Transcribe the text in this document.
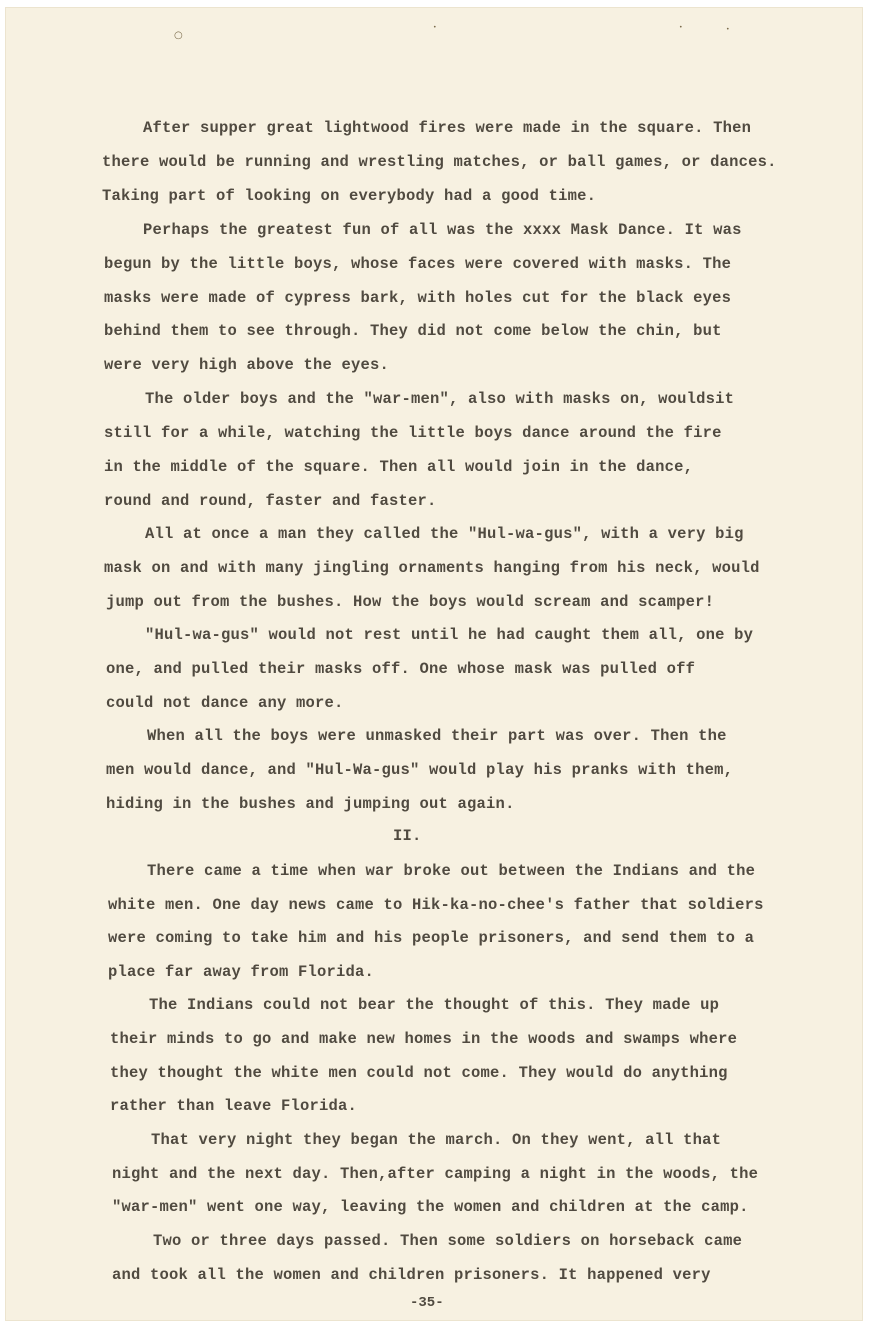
○
•	•	•
After supper great lightwood fires were made in the square. Then
there would be running and wrestling matches, or ball games, or dances.
Taking part of looking on everybody had a good time.
Perhaps the greatest fun of all was the xxxx Mask Dance. It was
begun by the little boys, whose faces were covered with masks. The
masks were made of cypress bark, with holes cut for the black eyes
behind them to see through. They did not come below the chin, but
were very high above the eyes.
The older boys and the "war-men", also with masks on, wouldsit
still for a while, watching the little boys dance around the fire
in the middle of the square. Then all would join in the dance,
round and round, faster and faster.
All at once a man they called the "Hul-wa-gus", with a very big
mask on and with many jingling ornaments hanging from his neck, would
jump out from the bushes. How the boys would scream and scamper!
"Hul-wa-gus" would not rest until he had caught them all, one by
one, and pulled their masks off. One whose mask was pulled off
could not dance any more.
When all the boys were unmasked their part was over. Then the
men would dance, and "Hul-Wa-gus" would play his pranks with them,
hiding in the bushes and jumping out again.
II.
There came a time when war broke out between the Indians and the
white men. One day news came to Hik-ka-no-chee's father that soldiers
were coming to take him and his people prisoners, and send them to a
place far away from Florida.
The Indians could not bear the thought of this. They made up
their minds to go and make new homes in the woods and swamps where
they thought the white men could not come. They would do anything
rather than leave Florida.
That very night they began the march. On they went, all that
night and the next day. Then,after camping a night in the woods, the
"war-men" went one way, leaving the women and children at the camp.
Two or three days passed. Then some soldiers on horseback came
and took all the women and children prisoners. It happened very
-35-
